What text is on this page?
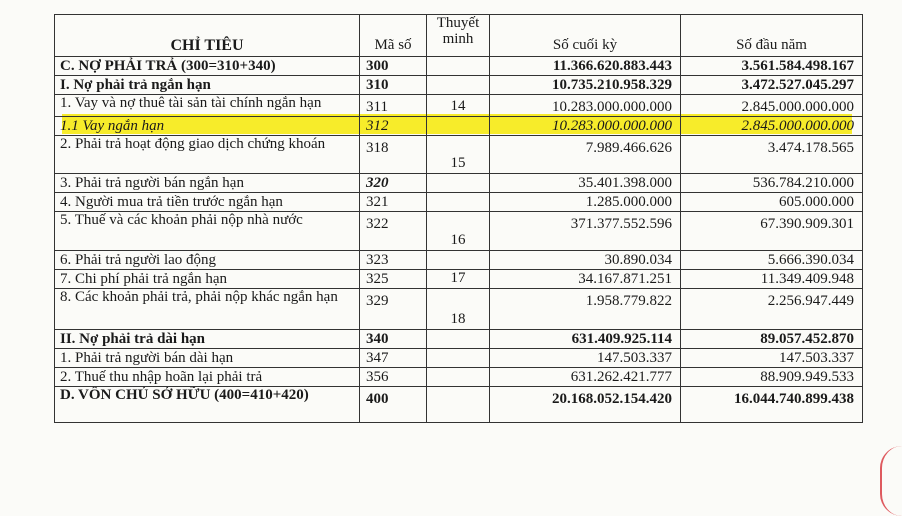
CHỈ TIÊU	Mã số	Thuyết minh	Số cuối kỳ	Số đầu năm
C. NỢ PHẢI TRẢ (300=310+340)	300		11.366.620.883.443	3.561.584.498.167
I. Nợ phải trả ngắn hạn	310		10.735.210.958.329	3.472.527.045.297
1. Vay và nợ thuê tài sản tài chính ngắn hạn	311	14	10.283.000.000.000	2.845.000.000.000
1.1 Vay ngắn hạn	312		10.283.000.000.000	2.845.000.000.000
2. Phải trả hoạt động giao dịch chứng khoán	318	15	7.989.466.626	3.474.178.565
3. Phải trả người bán ngắn hạn	320		35.401.398.000	536.784.210.000
4. Người mua trả tiền trước ngắn hạn	321		1.285.000.000	605.000.000
5. Thuế và các khoản phải nộp nhà nước	322	16	371.377.552.596	67.390.909.301
6. Phải trả người lao động	323		30.890.034	5.666.390.034
7. Chi phí phải trả ngắn hạn	325	17	34.167.871.251	11.349.409.948
8. Các khoản phải trả, phải nộp khác ngắn hạn	329	18	1.958.779.822	2.256.947.449
II. Nợ phải trả dài hạn	340		631.409.925.114	89.057.452.870
1. Phải trả người bán dài hạn	347		147.503.337	147.503.337
2. Thuế thu nhập hoãn lại phải trả	356		631.262.421.777	88.909.949.533
D. VỐN CHỦ SỞ HỮU (400=410+420)	400		20.168.052.154.420	16.044.740.899.438
